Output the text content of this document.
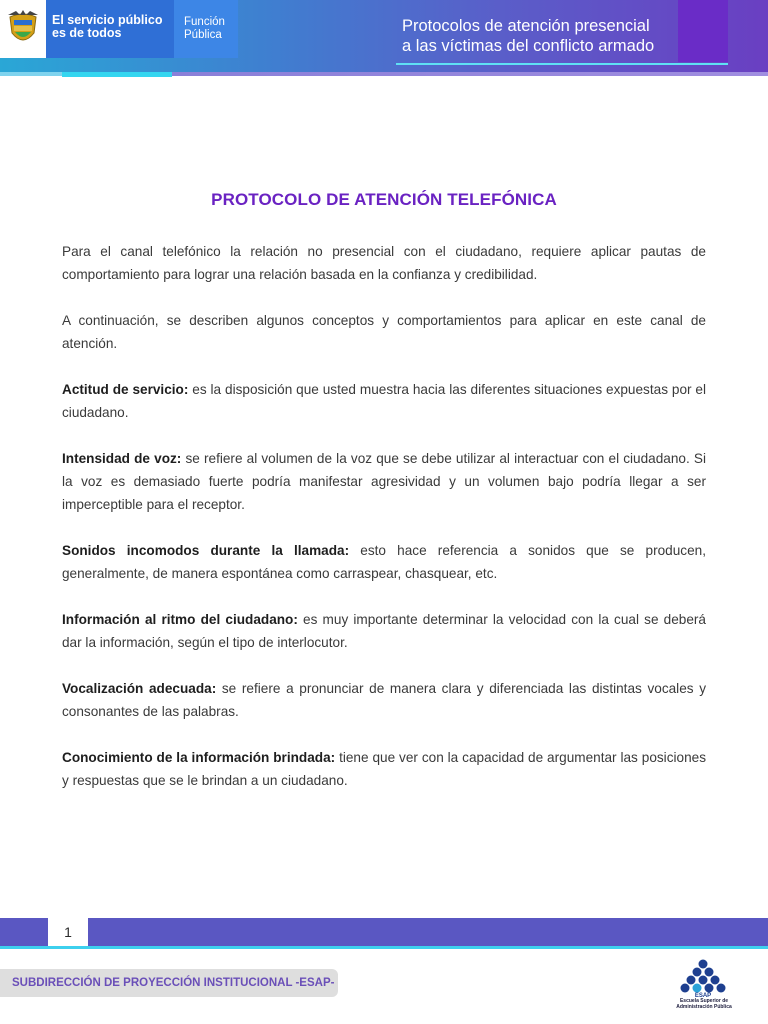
El servicio público
es de todos
Función
Pública	Protocolos de atención presencial
a las víctimas del conflicto armado
PROTOCOLO DE ATENCIÓN TELEFÓNICA

Para el canal telefónico la relación no presencial con el ciudadano, requiere aplicar pautas de comportamiento para lograr una relación basada en la confianza y credibilidad.

A continuación, se describen algunos conceptos y comportamientos para aplicar en este canal de atención.

Actitud de servicio: es la disposición que usted muestra hacia las diferentes situaciones expuestas por el ciudadano.

Intensidad de voz: se refiere al volumen de la voz que se debe utilizar al interactuar con el ciudadano. Si la voz es demasiado fuerte podría manifestar agresividad y un volumen bajo podría llegar a ser imperceptible para el receptor.

Sonidos incomodos durante la llamada: esto hace referencia a sonidos que se producen, generalmente, de manera espontánea como carraspear, chasquear, etc.

Información al ritmo del ciudadano: es muy importante determinar la velocidad con la cual se deberá dar la información, según el tipo de interlocutor.

Vocalización adecuada: se refiere a pronunciar de manera clara y diferenciada las distintas vocales y consonantes de las palabras.

Conocimiento de la información brindada: tiene que ver con la capacidad de argumentar las posiciones y respuestas que se le brindan a un ciudadano.

1
SUBDIRECCIÓN DE PROYECCIÓN INSTITUCIONAL -ESAP-
ESAP
Escuela Superior de
Administración Pública
